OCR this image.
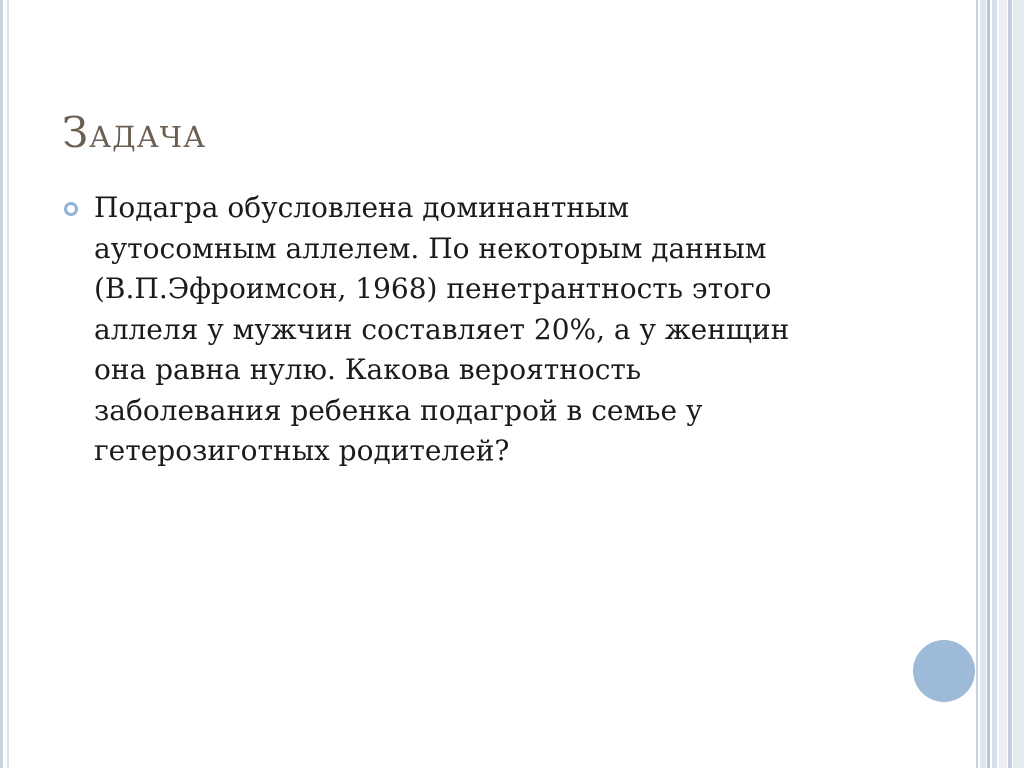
Задача
Подагра обусловлена доминантным
аутосомным аллелем. По некоторым данным
(В.П.Эфроимсон, 1968) пенетрантность этого
аллеля у мужчин составляет 20%, а у женщин
она равна нулю. Какова вероятность
заболевания ребенка подагрой в семье у
гетерозиготных родителей?
